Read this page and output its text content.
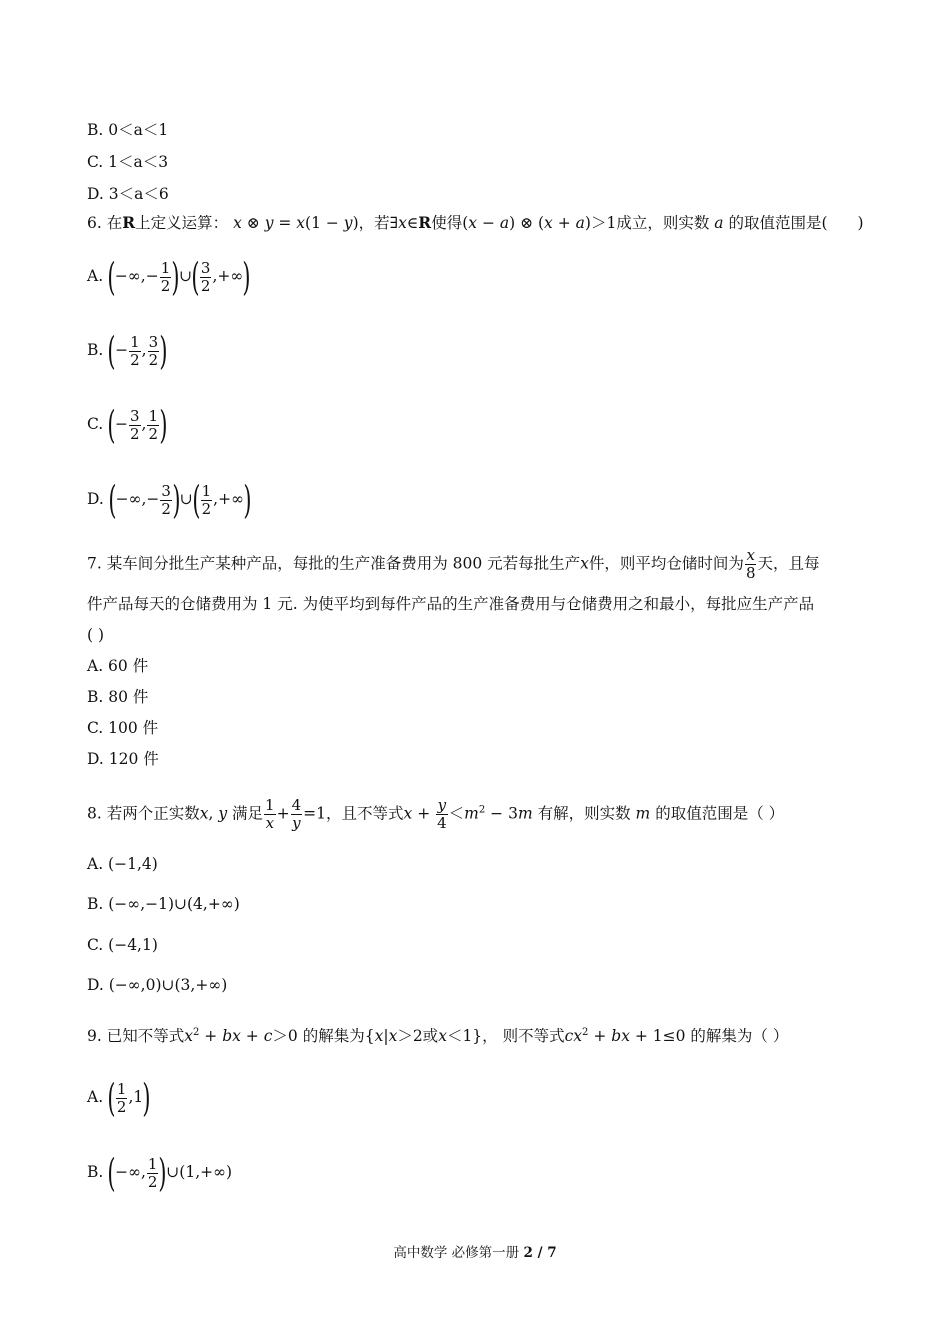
B. 0＜a＜1
C. 1＜a＜3
D. 3＜a＜6
6. 在R上定义运算： x ⊗ y = x(1 − y)，若∃x∈R使得(x − a) ⊗ (x + a)＞1成立，则实数 a 的取值范围是( )
A. (−∞,− $\frac{1}{2}$ )∪( $\frac{3}{2}$ ,+∞)
B. (− $\frac{1}{2}$ , $\frac{3}{2}$ )
C. (− $\frac{3}{2}$ , $\frac{1}{2}$ )
D. (−∞,− $\frac{3}{2}$ )∪( $\frac{1}{2}$ ,+∞)
7. 某车间分批生产某种产品，每批的生产准备费用为 800 元若每批生产x件，则平均仓储时间为 $\frac{x}{8}$ 天，且每
件产品每天的仓储费用为 1 元. 为使平均到每件产品的生产准备费用与仓储费用之和最小，每批应生产产品
( )
A. 60 件
B. 80 件
C. 100 件
D. 120 件
8. 若两个正实数x, y 满足 $\frac{1}{x} + \frac{4}{y} =1$，且不等式$x + \frac{y}{4} <m^2 - 3m$ 有解，则实数 m 的取值范围是（ ）
A. (−1,4)
B. (−∞,−1)∪(4,+∞)
C. (−4,1)
D. (−∞,0)∪(3,+∞)
9. 已知不等式$x^2$ + bx + c＞0 的解集为{x|x＞2或x＜1}， 则不等式$cx^2$ + bx + 1≤0 的解集为（ ）
A. ( $\frac{1}{2} ,1$)
B. (−∞, $\frac{1}{2}$ )∪(1,+∞)
高中数学 必修第一册 2 / 7
